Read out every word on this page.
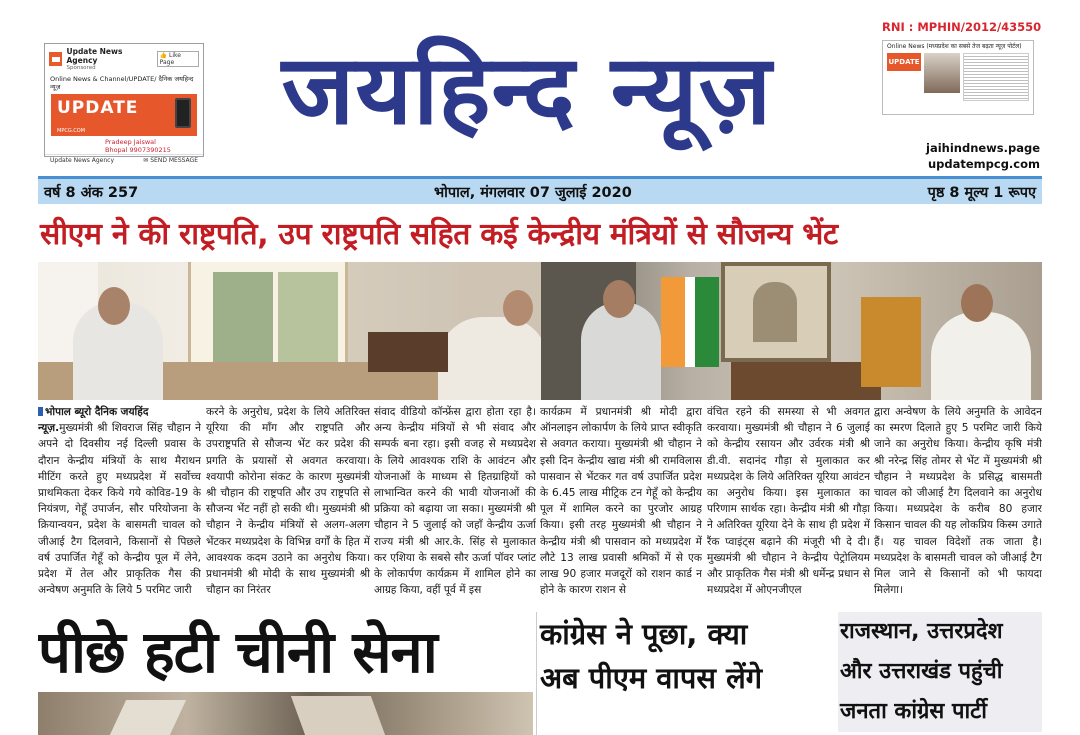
Update News Agency
Sponsored
👍 Like Page
Online News & Channel/UPDATE/ दैनिक जयहिन्द न्यूज़
UPDATE
MPCG.COM
Pradeep Jaiswal
Bhopal 9907390215
Update News Agency	✉ SEND MESSAGE
जयहिन्द न्यूज़
RNI : MPHIN/2012/43550
Online News (मध्यप्रदेश का सबसे तेज बढ़ता न्यूज़ पोर्टल)
UPDATE
jaihindnews.page
updatempcg.com
वर्ष 8 अंक 257	भोपाल, मंगलवार 07 जुलाई 2020	पृष्ठ 8 मूल्य 1 रूपए
सीएम ने की राष्ट्रपति, उप राष्ट्रपति सहित कई केन्द्रीय मंत्रियों से सौजन्य भेंट
भोपाल ब्यूरो दैनिक जयहिंद
न्यूज़.मुख्यमंत्री श्री शिवराज सिंह चौहान ने अपने दो दिवसीय नई दिल्ली प्रवास के दौरान केन्द्रीय मंत्रियों के साथ मैराथन मीटिंग करते हुए मध्यप्रदेश में सर्वोच्च प्राथमिकता देकर किये गये कोविड-19 के नियंत्रण, गेहूँ उपार्जन, सौर परियोजना के क्रियान्वयन, प्रदेश के बासमती चावल को जीआई टैग दिलवाने, किसानों से पिछले वर्ष उपार्जित गेहूँ को केन्द्रीय पूल में लेने, प्रदेश में तेल और प्राकृतिक गैस की अन्वेषण अनुमति के लिये 5 परमिट जारी
करने के अनुरोध, प्रदेश के लिये अतिरिक्त यूरिया की माँग और राष्ट्रपति और उपराष्ट्रपति से सौजन्य भेंट कर प्रदेश की प्रगति के प्रयासों से अवगत करवाया। श्वयापी कोरोना संकट के कारण मुख्यमंत्री श्री चौहान की राष्ट्रपति और उप राष्ट्रपति से सौजन्य भेंट नहीं हो सकी थी। मुख्यमंत्री श्री चौहान ने केन्द्रीय मंत्रियों से अलग-अलग भेंटकर मध्यप्रदेश के विभिन्न वर्गों के हित में आवश्यक कदम उठाने का अनुरोध किया। प्रधानमंत्री श्री मोदी के साथ मुख्यमंत्री श्री चौहान का निरंतर
संवाद वीडियो कॉन्फ्रेंस द्वारा होता रहा है। अन्य केन्द्रीय मंत्रियों से भी संवाद और सम्पर्क बना रहा। इसी वजह से मध्यप्रदेश के लिये आवश्यक राशि के आवंटन और योजनाओं के माध्यम से हितग्राहियों को लाभान्वित करने की भावी योजनाओं की प्रक्रिया को बढ़ाया जा सका। मुख्यमंत्री श्री चौहान ने 5 जुलाई को जहाँ केन्द्रीय ऊर्जा राज्य मंत्री श्री आर.के. सिंह से मुलाकात कर एशिया के सबसे सौर ऊर्जा पॉवर प्लांट के लोकार्पण कार्यक्रम में शामिल होने का आग्रह किया, वहीं पूर्व में इस
कार्यक्रम में प्रधानमंत्री श्री मोदी द्वारा ऑनलाइन लोकार्पण के लिये प्राप्त स्वीकृति से अवगत कराया। मुख्यमंत्री श्री चौहान ने इसी दिन केन्द्रीय खाद्य मंत्री श्री रामविलास पासवान से भेंटकर गत वर्ष उपार्जित प्रदेश के 6.45 लाख मीट्रिक टन गेहूँ को केन्द्रीय पूल में शामिल करने का पुरजोर आग्रह किया। इसी तरह मुख्यमंत्री श्री चौहान ने केन्द्रीय मंत्री श्री पासवान को मध्यप्रदेश में लौटे 13 लाख प्रवासी श्रमिकों में से एक लाख 90 हजार मजदूरों को राशन कार्ड न होने के कारण राशन से
वंचित रहने की समस्या से भी अवगत करवाया। मुख्यमंत्री श्री चौहान ने 6 जुलाई को केन्द्रीय रसायन और उर्वरक मंत्री श्री डी.वी. सदानंद गौड़ा से मुलाकात कर मध्यप्रदेश के लिये अतिरिक्त यूरिया आवंटन का अनुरोध किया। इस मुलाकात का परिणाम सार्थक रहा। केन्द्रीय मंत्री श्री गौड़ा ने अतिरिक्त यूरिया देने के साथ ही प्रदेश में रैंक प्वाइंट्स बढ़ाने की मंजूरी भी दे दी। मुख्यमंत्री श्री चौहान ने केन्द्रीय पेट्रोलियम और प्राकृतिक गैस मंत्री श्री धर्मेन्द्र प्रधान से मध्यप्रदेश में ओएनजीएल
द्वारा अन्वेषण के लिये अनुमति के आवेदन का स्मरण दिलाते हुए 5 परमिट जारी किये जाने का अनुरोध किया। केन्द्रीय कृषि मंत्री श्री नरेन्द्र सिंह तोमर से भेंट में मुख्यमंत्री श्री चौहान ने मध्यप्रदेश के प्रसिद्ध बासमती चावल को जीआई टैग दिलवाने का अनुरोध किया। मध्यप्रदेश के करीब 80 हजार किसान चावल की यह लोकप्रिय किस्म उगाते हैं। यह चावल विदेशों तक जाता है। मध्यप्रदेश के बासमती चावल को जीआई टैग मिल जाने से किसानों को भी फायदा मिलेगा।
पीछे हटी चीनी सेना	कांग्रेस ने पूछा, क्या
अब पीएम वापस लेंगे
राजस्थान, उत्तरप्रदेश
और उत्तराखंड पहुंची
जनता कांग्रेस पार्टी
